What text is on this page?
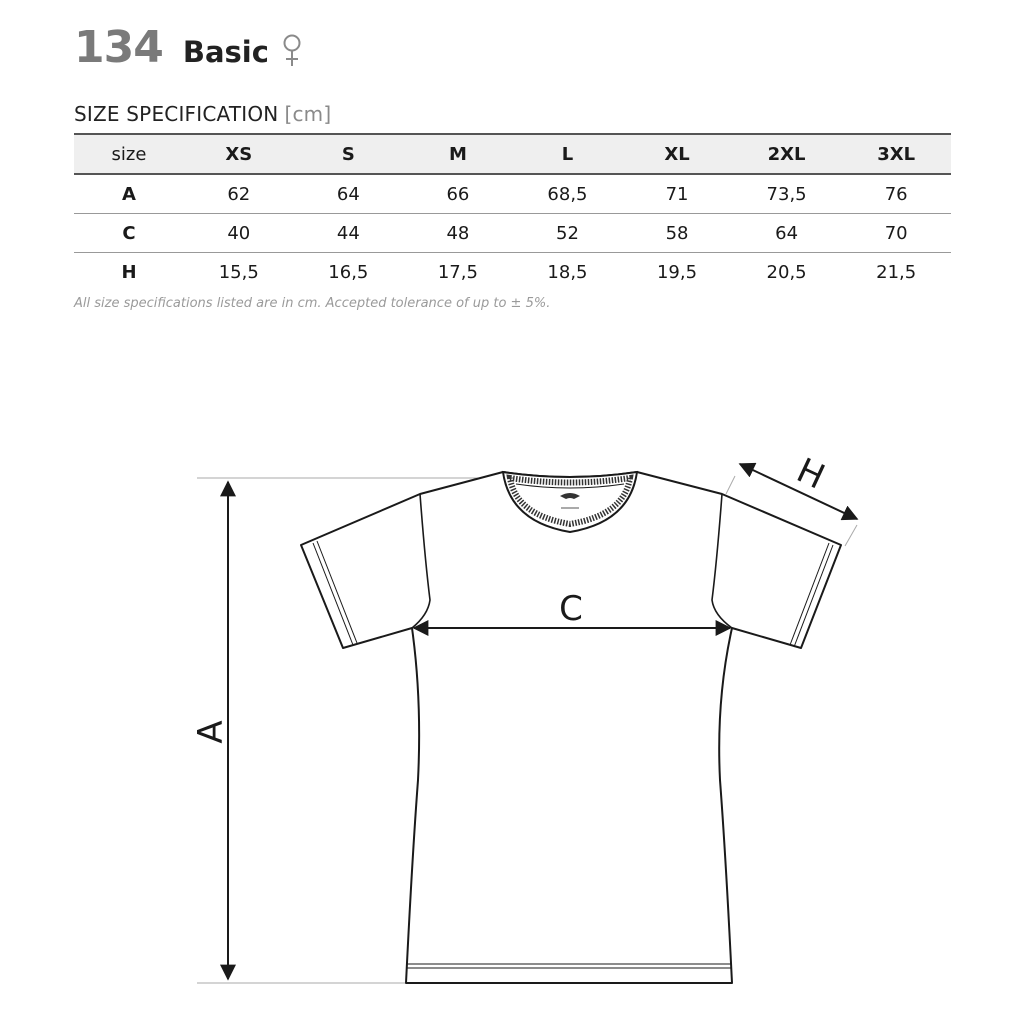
134 Basic
SIZE SPECIFICATION [cm]
size	XS	S	M	L	XL	2XL	3XL
A	62	64	66	68,5	71	73,5	76
C	40	44	48	52	58	64	70
H	15,5	16,5	17,5	18,5	19,5	20,5	21,5
All size specifications listed are in cm. Accepted tolerance of up to ± 5%.
A
C
H
